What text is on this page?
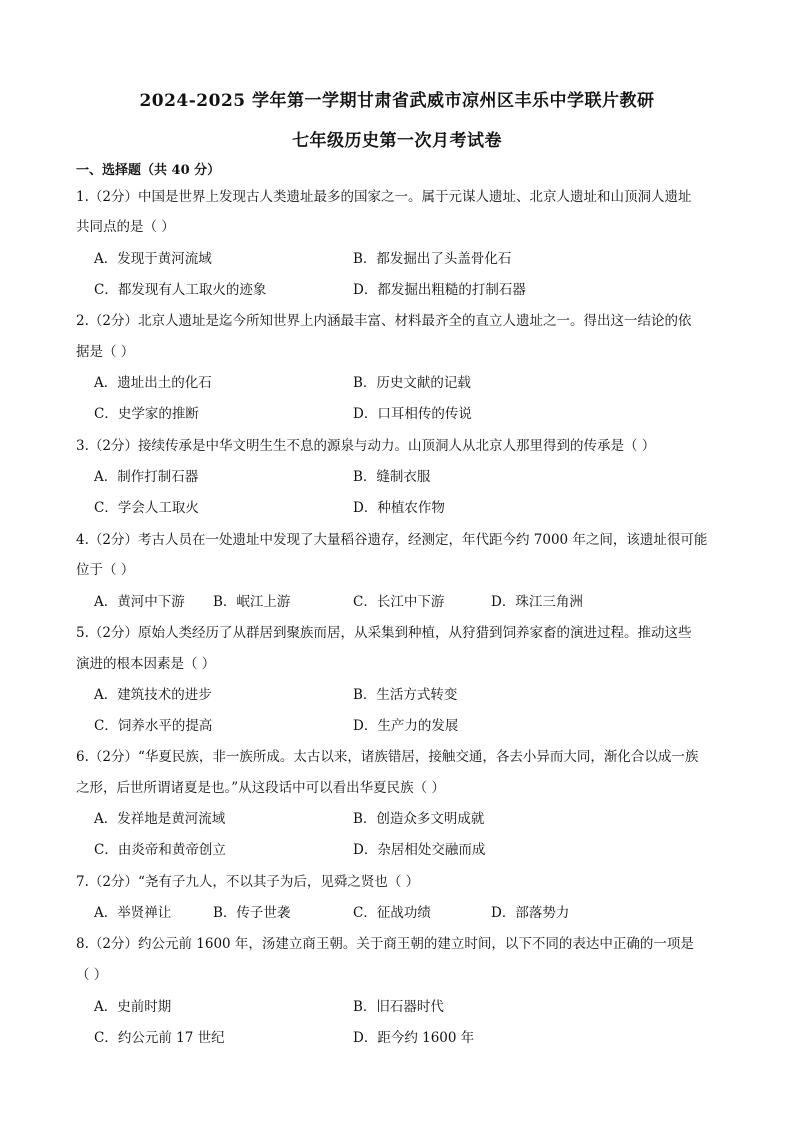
2024-2025 学年第一学期甘肃省武威市凉州区丰乐中学联片教研
七年级历史第一次月考试卷
一、选择题（共 40 分）
1.（2分）中国是世界上发现古人类遗址最多的国家之一。属于元谋人遗址、北京人遗址和山顶洞人遗址
共同点的是（ ）
A．发现于黄河流域	B．都发掘出了头盖骨化石
C．都发现有人工取火的迹象	D．都发掘出粗糙的打制石器
2.（2分）北京人遗址是迄今所知世界上内涵最丰富、材料最齐全的直立人遗址之一。得出这一结论的依
据是（ ）
A．遗址出土的化石	B．历史文献的记载
C．史学家的推断	D．口耳相传的传说
3.（2分）接续传承是中华文明生生不息的源泉与动力。山顶洞人从北京人那里得到的传承是（ ）
A．制作打制石器	B．缝制衣服
C．学会人工取火	D．种植农作物
4.（2分）考古人员在一处遗址中发现了大量稻谷遗存，经测定，年代距今约 7000 年之间，该遗址很可能
位于（ ）
A．黄河中下游 B．岷江上游	C．长江中下游	D．珠江三角洲
5.（2分）原始人类经历了从群居到聚族而居，从采集到种植，从狩猎到饲养家畜的演进过程。推动这些
演进的根本因素是（ ）
A．建筑技术的进步	B．生活方式转变
C．饲养水平的提高	D．生产力的发展
6.（2分）“华夏民族，非一族所成。太古以来，诸族错居，接触交通，各去小异而大同，渐化合以成一族
之形，后世所谓诸夏是也。”从这段话中可以看出华夏民族（ ）
A．发祥地是黄河流域	B．创造众多文明成就
C．由炎帝和黄帝创立	D．杂居相处交融而成
7.（2分）“尧有子九人，不以其子为后，见舜之贤也（ ）
A．举贤禅让	B．传子世袭	C．征战功绩	D．部落势力
8.（2分）约公元前 1600 年，汤建立商王朝。关于商王朝的建立时间，以下不同的表达中正确的一项是
（ ）
A．史前时期	B．旧石器时代
C．约公元前 17 世纪	D．距今约 1600 年
